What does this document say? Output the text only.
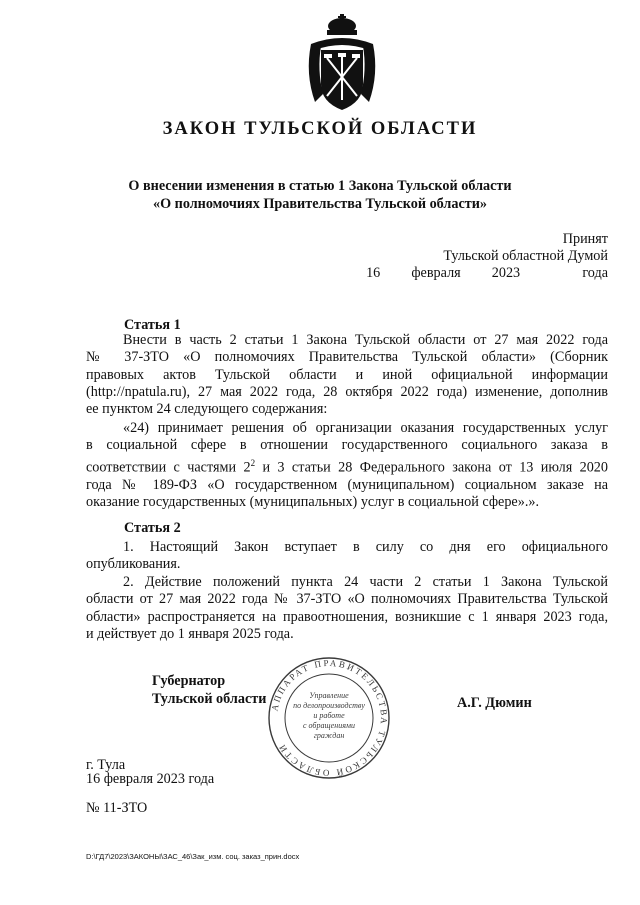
ЗАКОН ТУЛЬСКОЙ ОБЛАСТИ
О внесении изменения в статью 1 Закона Тульской области
«О полномочиях Правительства Тульской области»
Принят
Тульской областной Думой
16  февраля  2023    года
Статья 1

Внести в часть 2 статьи 1 Закона Тульской области от 27 мая 2022 года

№ 37-ЗТО «О полномочиях Правительства Тульской области» (Сборник

правовых актов Тульской области и иной официальной информации

(http://npatula.ru), 27 мая 2022 года, 28 октября 2022 года) изменение, дополнив

ее пунктом 24 следующего содержания:

«24) принимает решения об организации оказания государственных услуг

в социальной сфере в отношении государственного социального заказа в

соответствии с частями $2^2$ и 3 статьи 28 Федерального закона от 13 июля 2020

года № 189-ФЗ «О государственном (муниципальном) социальном заказе на

оказание государственных (муниципальных) услуг в социальной сфере».».

Статья 2

1. Настоящий Закон вступает в силу со дня его официального

опубликования.

2. Действие положений пункта 24 части 2 статьи 1 Закона Тульской

области от 27 мая 2022 года № 37-ЗТО «О полномочиях Правительства Тульской

области» распространяется на правоотношения, возникшие с 1 января 2023 года,

и действует до 1 января 2025 года.

Губернатор
Тульской области	А.Г. Дюмин
АППАРАТ ПРАВИТЕЛЬСТВА ТУЛЬСКОЙ ОБЛАСТИ
Управление
по делопроизводству
и работе
с обращениями
граждан
г. Тула
16 февраля 2023 года
№ 11-ЗТО
D:\ГД7\2023\ЗАКОНЫ\ЗАС_46\Зак_изм. соц. заказ_прин.docx
